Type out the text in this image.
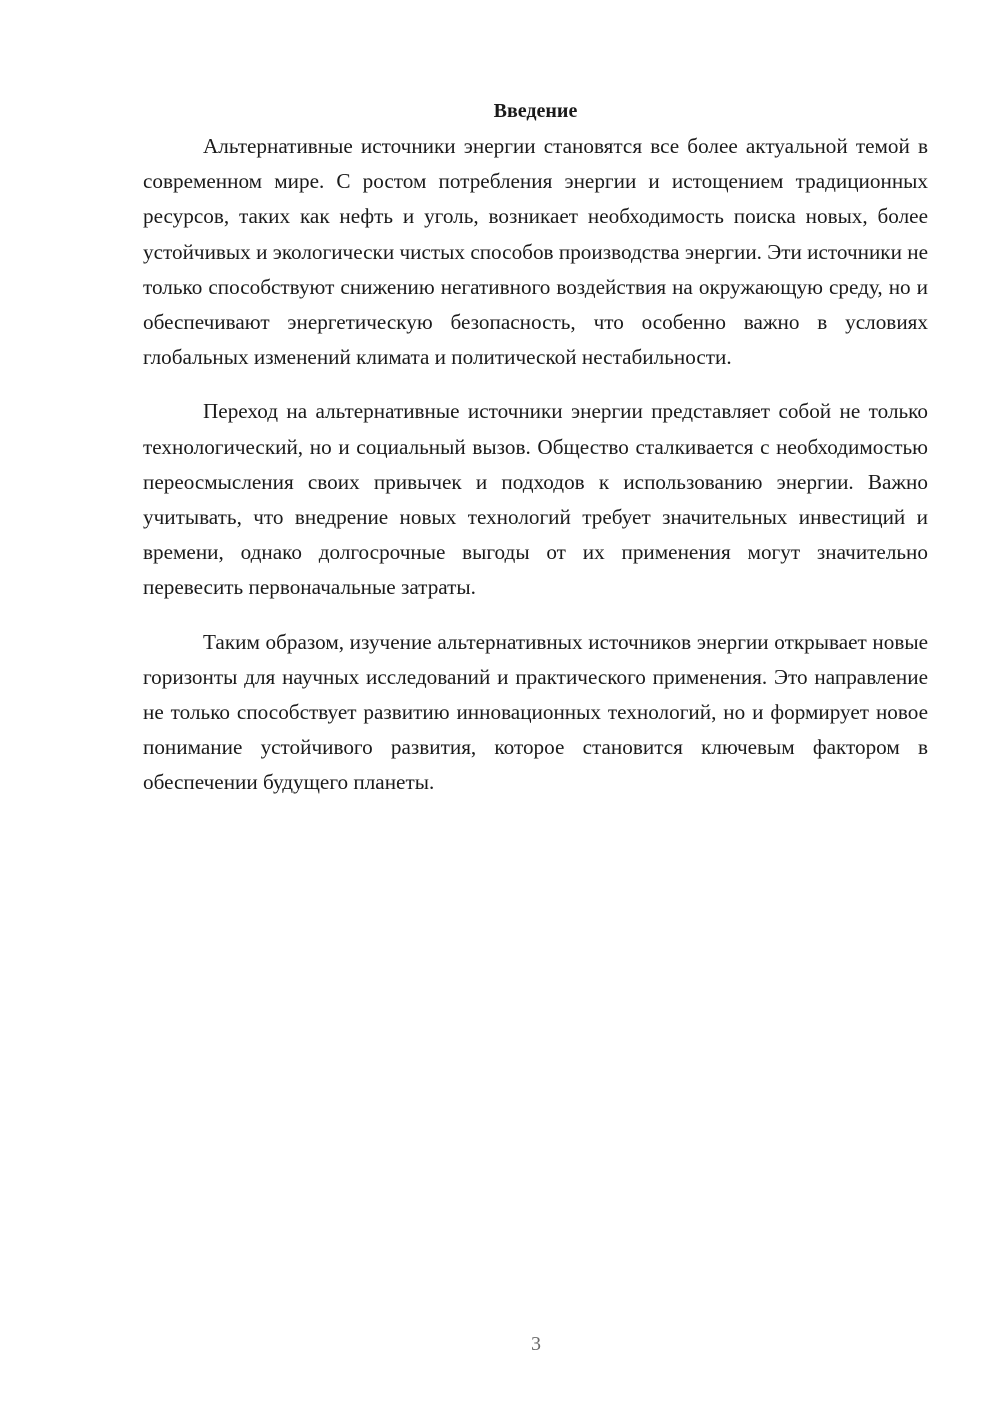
Введение

Альтернативные источники энергии становятся все более актуальной темой в современном мире. С ростом потребления энергии и истощением традиционных ресурсов, таких как нефть и уголь, возникает необходимость поиска новых, более устойчивых и экологически чистых способов производства энергии. Эти источники не только способствуют снижению негативного воздействия на окружающую среду, но и обеспечивают энергетическую безопасность, что особенно важно в условиях глобальных изменений климата и политической нестабильности.

Переход на альтернативные источники энергии представляет собой не только технологический, но и социальный вызов. Общество сталкивается с необходимостью переосмысления своих привычек и подходов к использованию энергии. Важно учитывать, что внедрение новых технологий требует значительных инвестиций и времени, однако долгосрочные выгоды от их применения могут значительно перевесить первоначальные затраты.

Таким образом, изучение альтернативных источников энергии открывает новые горизонты для научных исследований и практического применения. Это направление не только способствует развитию инновационных технологий, но и формирует новое понимание устойчивого развития, которое становится ключевым фактором в обеспечении будущего планеты.

3
